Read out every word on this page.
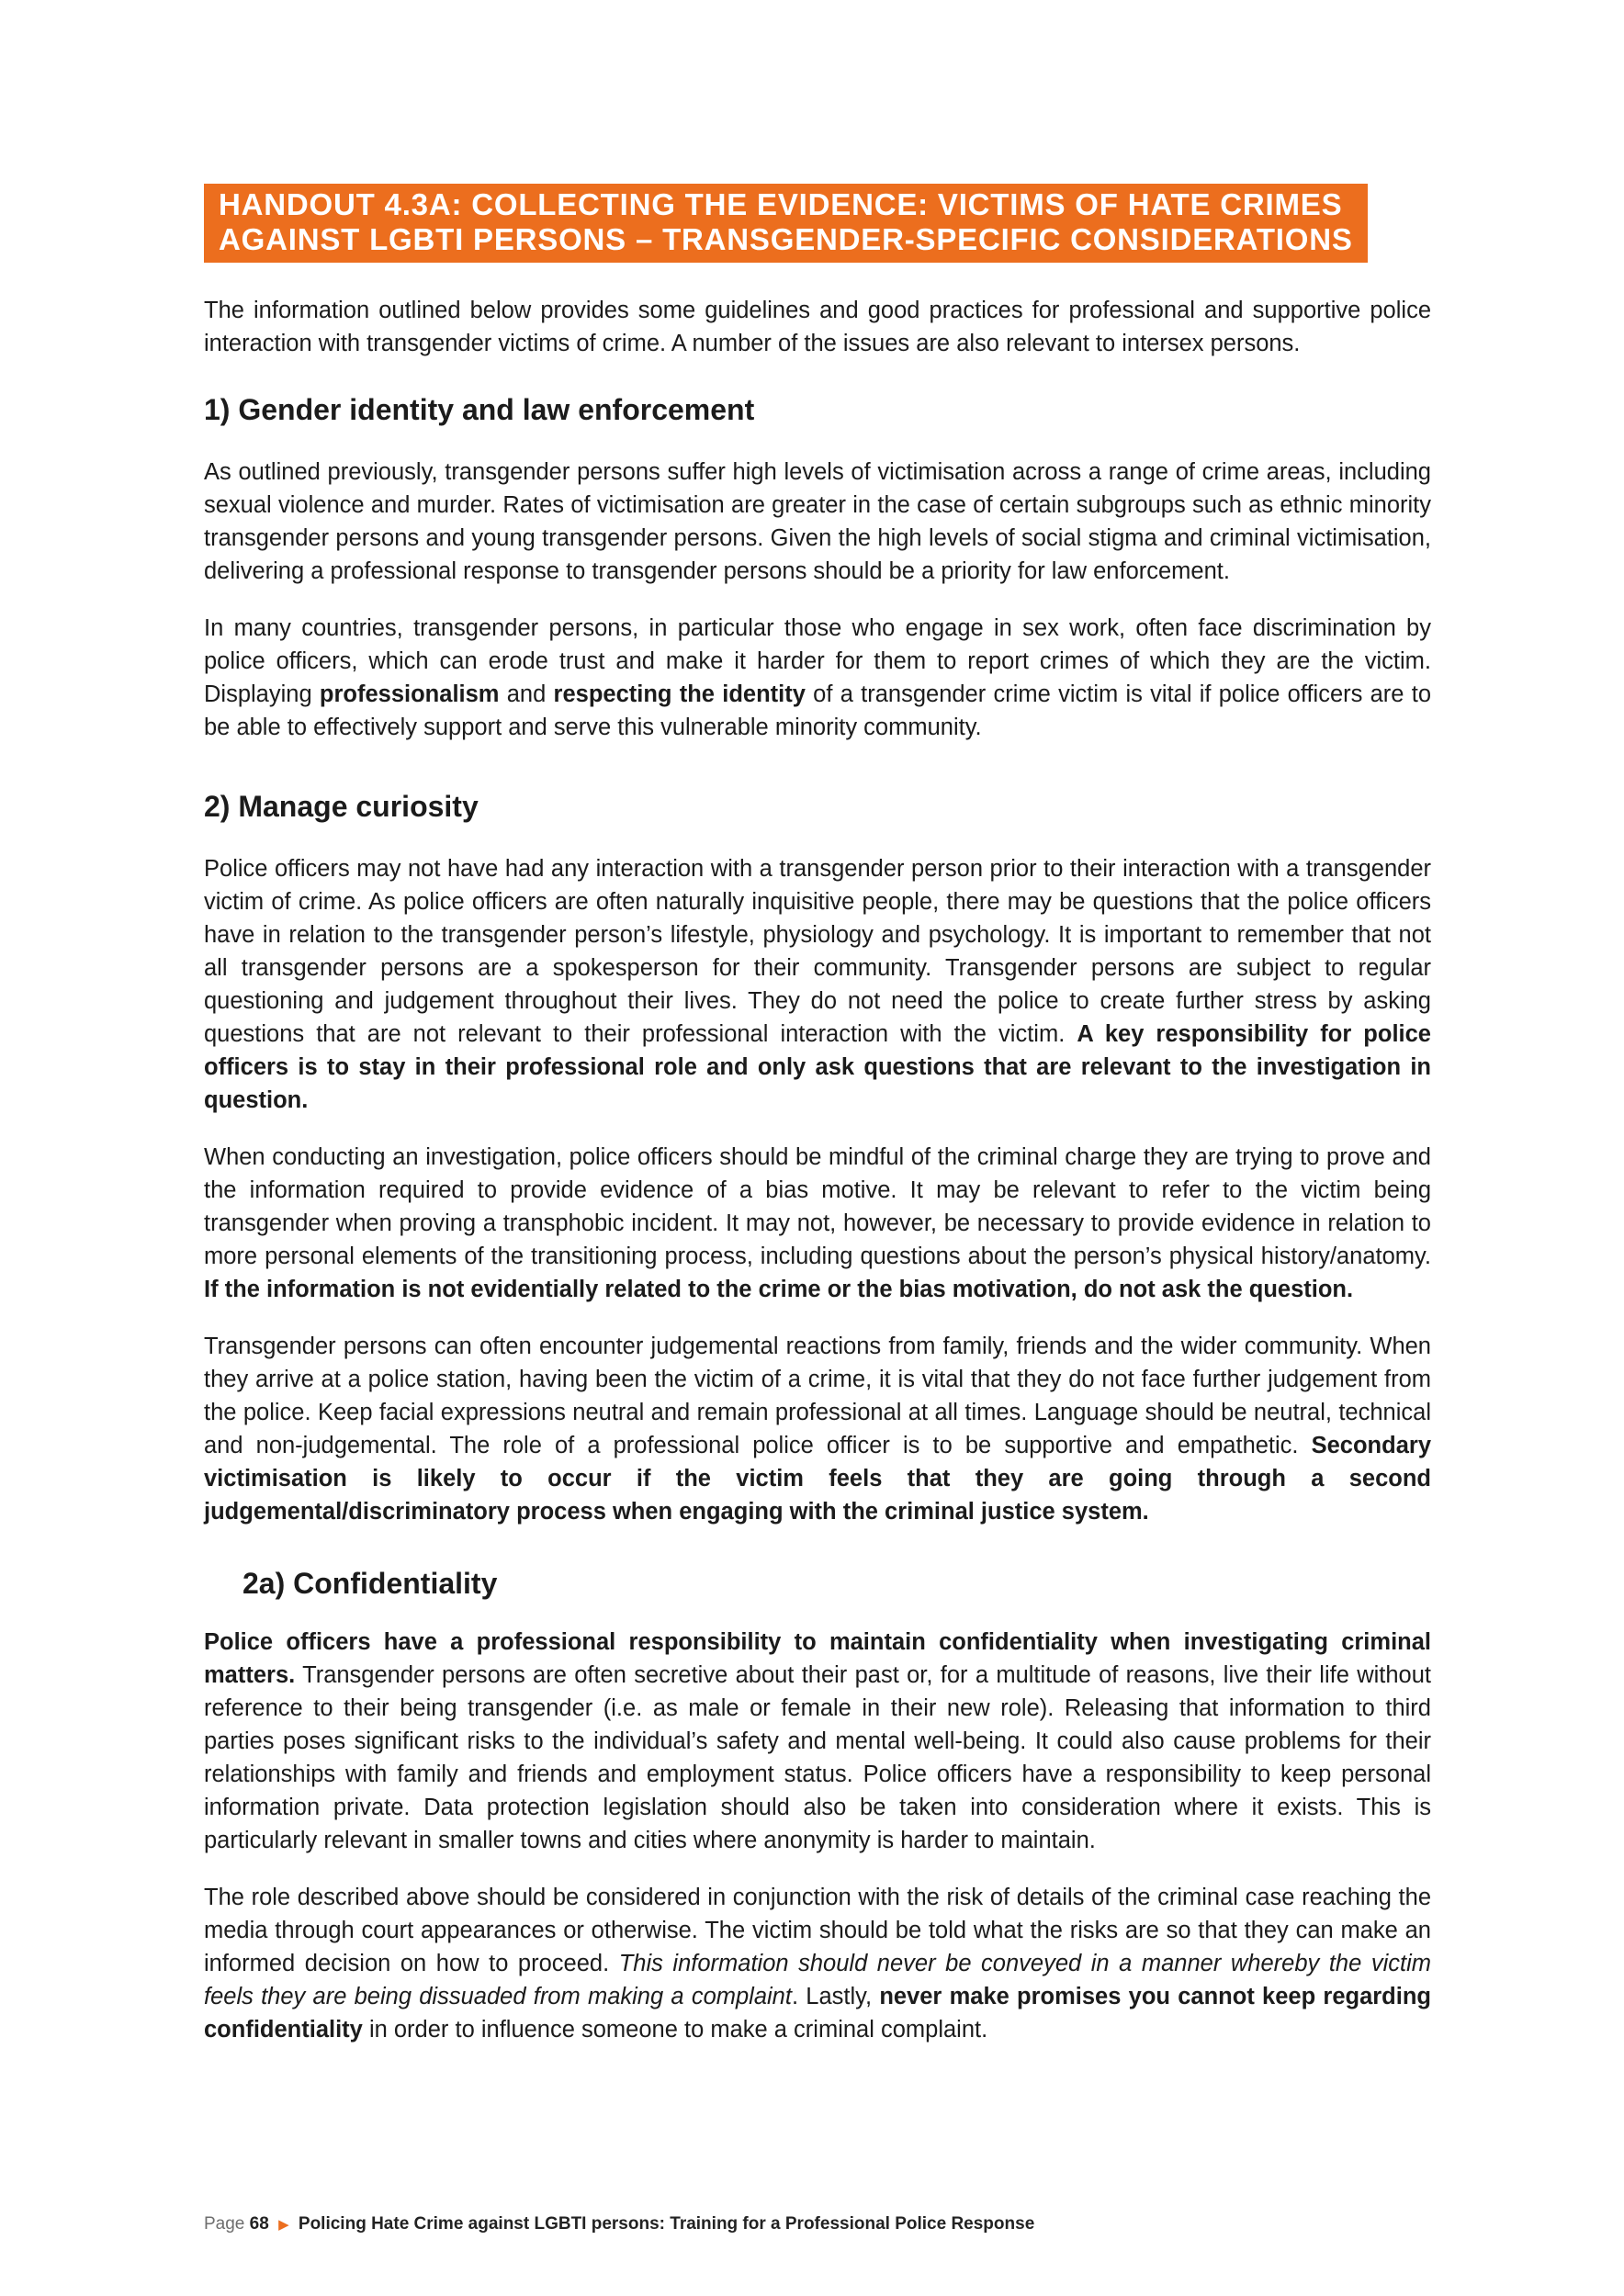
HANDOUT 4.3A: COLLECTING THE EVIDENCE: VICTIMS OF HATE CRIMES
AGAINST LGBTI PERSONS – TRANSGENDER-SPECIFIC CONSIDERATIONS

The information outlined below provides some guidelines and good practices for professional and supportive police interaction with transgender victims of crime. A number of the issues are also relevant to intersex persons.

1) Gender identity and law enforcement

As outlined previously, transgender persons suffer high levels of victimisation across a range of crime areas, including sexual violence and murder. Rates of victimisation are greater in the case of certain subgroups such as ethnic minority transgender persons and young transgender persons. Given the high levels of social stigma and criminal victimisation, delivering a professional response to transgender persons should be a priority for law enforcement.

In many countries, transgender persons, in particular those who engage in sex work, often face discrimination by police officers, which can erode trust and make it harder for them to report crimes of which they are the victim. Displaying professionalism and respecting the identity of a transgender crime victim is vital if police officers are to be able to effectively support and serve this vulnerable minority community.

2) Manage curiosity

Police officers may not have had any interaction with a transgender person prior to their interaction with a transgender victim of crime. As police officers are often naturally inquisitive people, there may be questions that the police officers have in relation to the transgender person’s lifestyle, physiology and psychology. It is important to remember that not all transgender persons are a spokesperson for their community. Transgender persons are subject to regular questioning and judgement throughout their lives. They do not need the police to create further stress by asking questions that are not relevant to their professional interaction with the victim. A key responsibility for police officers is to stay in their professional role and only ask questions that are relevant to the investigation in question.

When conducting an investigation, police officers should be mindful of the criminal charge they are trying to prove and the information required to provide evidence of a bias motive. It may be relevant to refer to the victim being transgender when proving a transphobic incident. It may not, however, be necessary to provide evidence in relation to more personal elements of the transitioning process, including questions about the person’s physical history/anatomy. If the information is not evidentially related to the crime or the bias motivation, do not ask the question.

Transgender persons can often encounter judgemental reactions from family, friends and the wider community. When they arrive at a police station, having been the victim of a crime, it is vital that they do not face further judgement from the police. Keep facial expressions neutral and remain professional at all times. Language should be neutral, technical and non-judgemental. The role of a professional police officer is to be supportive and empathetic. Secondary victimisation is likely to occur if the victim feels that they are going through a second judgemental/discriminatory process when engaging with the criminal justice system.

2a) Confidentiality

Police officers have a professional responsibility to maintain confidentiality when investigating criminal matters. Transgender persons are often secretive about their past or, for a multitude of reasons, live their life without reference to their being transgender (i.e. as male or female in their new role). Releasing that information to third parties poses significant risks to the individual’s safety and mental well-being. It could also cause problems for their relationships with family and friends and employment status. Police officers have a responsibility to keep personal information private. Data protection legislation should also be taken into consideration where it exists. This is particularly relevant in smaller towns and cities where anonymity is harder to maintain.

The role described above should be considered in conjunction with the risk of details of the criminal case reaching the media through court appearances or otherwise. The victim should be told what the risks are so that they can make an informed decision on how to proceed. This information should never be conveyed in a manner whereby the victim feels they are being dissuaded from making a complaint. Lastly, never make promises you cannot keep regarding confidentiality in order to influence someone to make a criminal complaint.

Page 68 ▶ Policing Hate Crime against LGBTI persons: Training for a Professional Police Response
